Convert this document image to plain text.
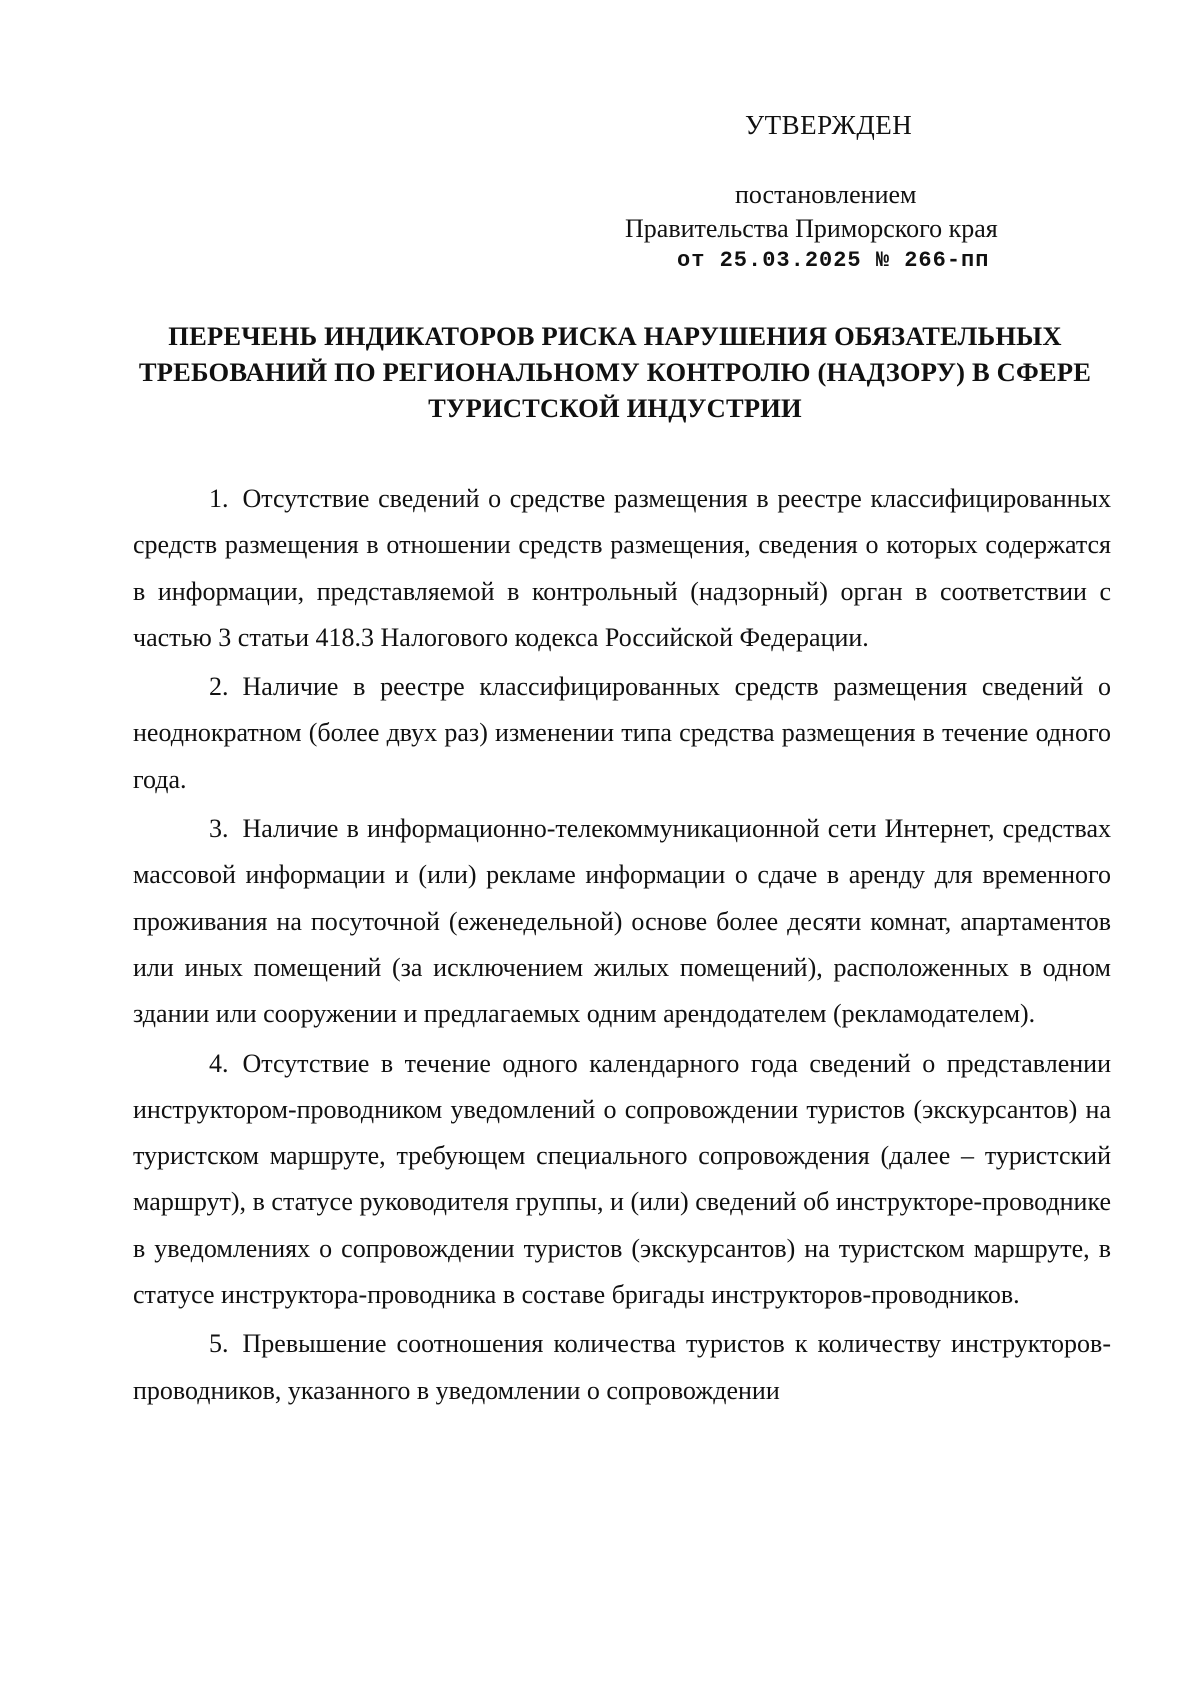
УТВЕРЖДЕН

постановлением

Правительства Приморского края

от 25.03.2025 № 266-пп

ПЕРЕЧЕНЬ ИНДИКАТОРОВ РИСКА НАРУШЕНИЯ ОБЯЗАТЕЛЬНЫХ ТРЕБОВАНИЙ ПО РЕГИОНАЛЬНОМУ КОНТРОЛЮ (НАДЗОРУ) В СФЕРЕ ТУРИСТСКОЙ ИНДУСТРИИ

1. Отсутствие сведений о средстве размещения в реестре классифицированных средств размещения в отношении средств размещения, сведения о которых содержатся в информации, представляемой в контрольный (надзорный) орган в соответствии с частью 3 статьи 418.3 Налогового кодекса Российской Федерации.

2. Наличие в реестре классифицированных средств размещения сведений о неоднократном (более двух раз) изменении типа средства размещения в течение одного года.

3. Наличие в информационно-телекоммуникационной сети Интернет, средствах массовой информации и (или) рекламе информации о сдаче в аренду для временного проживания на посуточной (еженедельной) основе более десяти комнат, апартаментов или иных помещений (за исключением жилых помещений), расположенных в одном здании или сооружении и предлагаемых одним арендодателем (рекламодателем).

4. Отсутствие в течение одного календарного года сведений о представлении инструктором-проводником уведомлений о сопровождении туристов (экскурсантов) на туристском маршруте, требующем специального сопровождения (далее – туристский маршрут), в статусе руководителя группы, и (или) сведений об инструкторе-проводнике в уведомлениях о сопровождении туристов (экскурсантов) на туристском маршруте, в статусе инструктора-проводника в составе бригады инструкторов-проводников.

5. Превышение соотношения количества туристов к количеству инструкторов-проводников, указанного в уведомлении о сопровождении
